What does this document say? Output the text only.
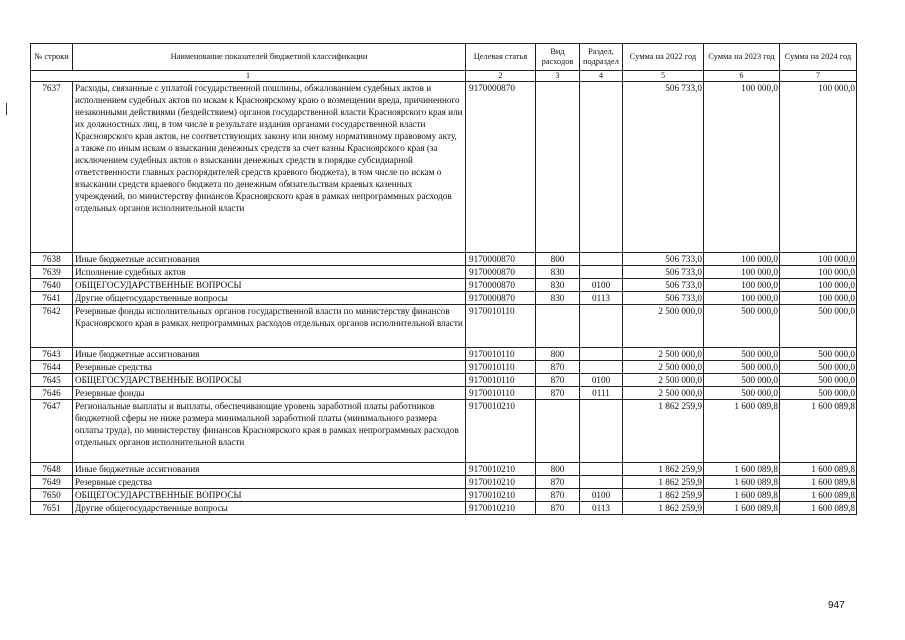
№ строки	Наименование показателей бюджетной классификации	Целевая статья	Вид расходов	Раздел, подраздел	Сумма на 2022 год	Сумма на 2023 год	Сумма на 2024 год
1		2	3	4	5	6	7
7637	Расходы, связанные с уплатой государственной пошлины, обжалованием судебных актов и исполнением судебных актов по искам к Красноярскому краю о возмещении вреда, причиненного незаконными действиями (бездействием) органов государственной власти Красноярского края или их должностных лиц, в том числе в результате издания органами государственной власти Красноярского края актов, не соответствующих закону или иному нормативному правовому акту, а также по иным искам о взыскании денежных средств за счет казны Красноярского края (за исключением судебных актов о взыскании денежных средств в порядке субсидиарной ответственности главных распорядителей средств краевого бюджета), в том числе по искам о взыскании средств краевого бюджета по денежным обязательствам краевых казенных учреждений, по министерству финансов Красноярского края в рамках непрограммных расходов отдельных органов исполнительной власти	9170000870			506 733,0	100 000,0	100 000,0
7638	Иные бюджетные ассигнования	9170000870	800		506 733,0	100 000,0	100 000,0
7639	Исполнение судебных актов	9170000870	830		506 733,0	100 000,0	100 000,0
7640	ОБЩЕГОСУДАРСТВЕННЫЕ ВОПРОСЫ	9170000870	830	0100	506 733,0	100 000,0	100 000,0
7641	Другие общегосударственные вопросы	9170000870	830	0113	506 733,0	100 000,0	100 000,0
7642	Резервные фонды исполнительных органов государственной власти по министерству финансов Красноярского края в рамках непрограммных расходов отдельных органов исполнительной власти	9170010110			2 500 000,0	500 000,0	500 000,0
7643	Иные бюджетные ассигнования	9170010110	800		2 500 000,0	500 000,0	500 000,0
7644	Резервные средства	9170010110	870		2 500 000,0	500 000,0	500 000,0
7645	ОБЩЕГОСУДАРСТВЕННЫЕ ВОПРОСЫ	9170010110	870	0100	2 500 000,0	500 000,0	500 000,0
7646	Резервные фонды	9170010110	870	0111	2 500 000,0	500 000,0	500 000,0
7647	Региональные выплаты и выплаты, обеспечивающие уровень заработной платы работников бюджетной сферы не ниже размера минимальной заработной платы (минимального размера оплаты труда), по министерству финансов Красноярского края в рамках непрограммных расходов отдельных органов исполнительной власти	9170010210			1 862 259,9	1 600 089,8	1 600 089,8
7648	Иные бюджетные ассигнования	9170010210	800		1 862 259,9	1 600 089,8	1 600 089,8
7649	Резервные средства	9170010210	870		1 862 259,9	1 600 089,8	1 600 089,8
7650	ОБЩЕГОСУДАРСТВЕННЫЕ ВОПРОСЫ	9170010210	870	0100	1 862 259,9	1 600 089,8	1 600 089,8
7651	Другие общегосударственные вопросы	9170010210	870	0113	1 862 259,9	1 600 089,8	1 600 089,8
947
